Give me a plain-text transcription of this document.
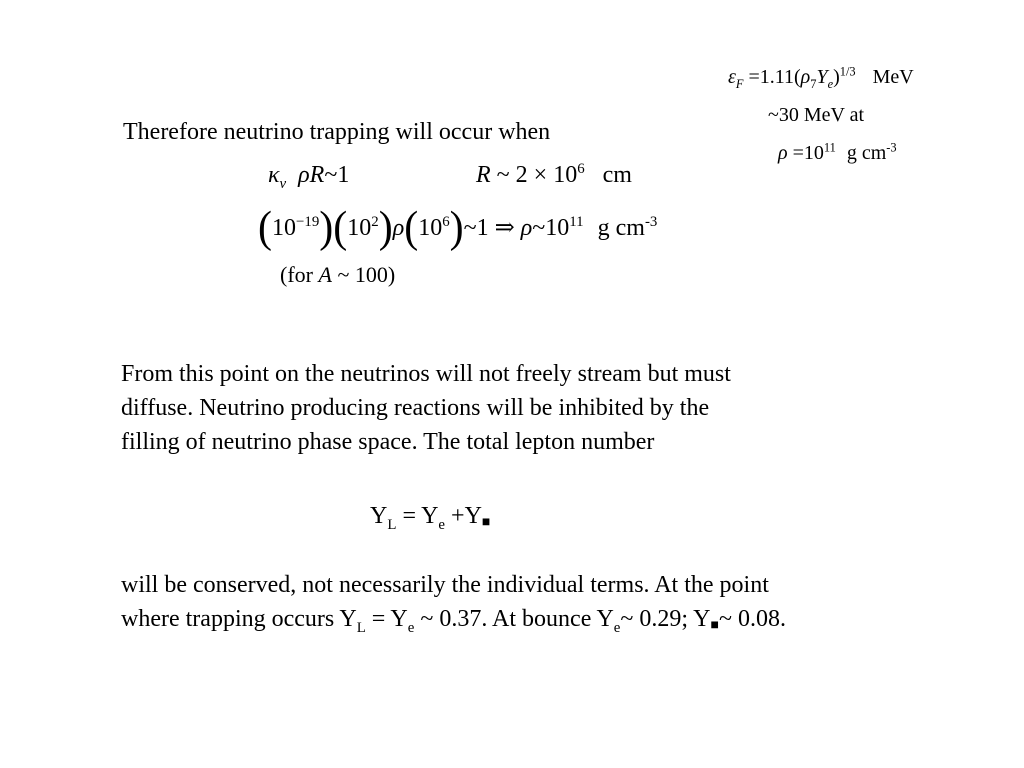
$\varepsilon_F =1.11(\rho_7Y_e)^{1/3}$ MeV
~30 MeV at
$\rho =10^{11}$ g $cm^{-3}$
Therefore neutrino trapping will occur when
$\kappa_\nu$ ρR~1	R ~ $2 \times 10^6$ cm
$(10^{-19})(10^2)\rho(10^6)\sim 1$ ⇒ $\rho\sim 10^{11}$ g $cm^{-3}$
(for A ~ 100)
From this point on the neutrinos will not freely stream but must
diffuse. Neutrino producing reactions will be inhibited by the
filling of neutrino phase space. The total lepton number
$Y_L = Y_e$ +Y■
will be conserved, not necessarily the individual terms. At the point
where trapping occurs $Y_L = Y_e$ ~ 0.37. At bounce $Y_e\sim$ 0.29; Y■~ 0.08.
